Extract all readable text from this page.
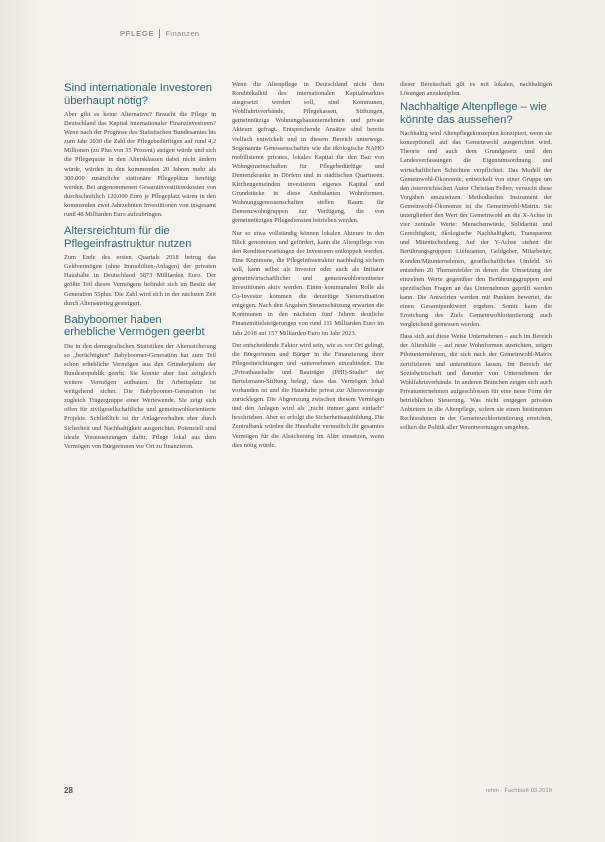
PFLEGE Finanzen
Sind internationale Investoren überhaupt nötig?

Aber gibt es keine Alternative? Braucht die Pflege in Deutschland das Kapital internationaler Finanzinvestoren? Wenn nach der Prognose des Statistischen Bundesamtes bis zum Jahr 2030 die Zahl der Pflegebedürftigen auf rund 4,2 Millionen (zu Plus von 35 Prozent) steigen würde und sich die Pflegequote in den Altersklassen dabei nicht ändern würde, würden in den kommenden 20 Jahren mehr als 300.000 zusätzliche stationäre Pflegeplätze benötigt werden. Bei angenommenen Gesamtinvestitionskosten von durchschnittlich 120.000 Euro je Pflegeplatz wären in den kommenden zwei Jahrzehnten Investitionen von insgesamt rund 48 Milliarden Euro aufzubringen.

Altersreichtum für die Pflegeinfrastruktur nutzen

Zum Ende des ersten Quartals 2018 betrug das Geldvermögen (ohne Immobilien-Anlagen) der privaten Haushalte in Deutschland 5873 Milliarden Euro. Der größte Teil dieses Vermögens befindet sich im Besitz der Generation 55plus. Die Zahl wird sich in der nächsten Zeit durch Altersanstieg gesteigert.

Babyboomer haben erhebliche Vermögen geerbt

Die in den demografischen Statistiken der Alterssicherung so „berüchtigten“ Babyboomer-Generation hat zum Teil schon erhebliche Vermögen aus den Gründerjahren der Bundesrepublik geerbt. Sie konnte aber fast zeitgleich weitere Vermögen aufbauen. Ihr Arbeitsplatz ist weitgehend sicher. Die Babyboomer-Generation ist zugleich Trägergruppe einer Wertewende. Sie zeigt sich offen für zivilgesellschaftliche und gemeinwohlorientierte Projekte. Schließlich ist ihr Anlageverhalten eher durch Sicherheit und Nachhaltigkeit ausgerichtet. Potenziell sind ideale Voraussetzungen dafür, Pflege lokal aus dem Vermögen von Bürgerinnen vor Ort zu finanzieren.

Wenn die Altenpflege in Deutschland nicht dem Renditekalkül des internationalen Kapitalmarktes ausgesetzt werden soll, sind Kommunen, Wohlfahrtsverbände, Pflegekassen, Stiftungen, gemeinnützige Wohnungsbauunternehmen und private Akteure gefragt. Entsprechende Ansätze sind bereits vielfach entwickelt und in diesem Bereich unterwegs. Sogenannte Genossenschaften wie die ökologische NAHO mobilisieren privates, lokales Kapital für den Bau von Wohngemeinschaften für Pflegebedürftige und Demenzkranke in Dörfern und in städtischen Quartieren. Kirchengemeinden investieren eigenes Kapital und Grundstücke in diese Ambulanten Wohnformen. Wohnungsgenossenschaften stellen Raum für Demenzwohngruppen zur Verfügung, die von gemeinnützigen Pflegediensten betrieben werden.

Nur so etwa vollständig können lokalen Akteure in den Blick genommen und gefördert, kann die Altenpflege von den Renditeerwartungen der Investoren entkoppelt werden. Eine Kommune, die Pflegeinfrastruktur nachhaltig sichern will, kann selbst als Investor oder auch als Initiator gemeinwirtschaftlicher und gemeinwohlorientierter Investitionen aktiv werden. Einen kommunalen Rolle als Co-Investor kommen die derzeitige Steuersituation entgegen. Nach den Angaben Steuerschätzung erwarten die Kommunen in den nächsten fünf Jahren deutliche Finanzmittelsteigerungen von rund 111 Milliarden Euro im Jahr 2018 auf 157 Milliarden Euro im Jahr 2023.

Der entscheidende Faktor wird sein, wie es vor Ort gelingt, die Bürgerinnen und Bürger in die Finanzierung ihrer Pflegeeinrichtungen und -unternehmen einzubinden. Die „Privathaushalte und Bauträger (PHI)-Studie“ der Bertelsmann-Stiftung belegt, dass das Vermögen lokal vorhanden ist und die Haushalte privat zur Altersvorsorge zurücklegen. Die Abgrenzung zwischen diesem Vermögen und den Anlagen wird als „nicht immer ganz einfach“ beschrieben. Aber so erfolgt die Sicherheitsausbildung. Die Zentralbank würden die Haushalte vermutlich ihr gesamtes Vermögen für die Absicherung im Alter einsetzen, wenn dies nötig würde.

dieser Bereitschaft gilt es mit lokalen, nachhaltigen Lösungen anzuknüpfen.

Nachhaltige Altenpflege – wie könnte das aussehen?

Nachhaltig wird Altenpflegekonzepten konzipiert, wenn sie konzeptionell auf das Gemeinwohl ausgerichtet wird. Theorie und auch dem Grundgesetz und den Landesverfassungen die Eigentumsordnung und wirtschaftlichen Schichten verpflichtet. Das Modell der Gemeinwohl-Ökonomie, entwickelt von einer Gruppe um den österreichischen Autor Christian Felber, versucht diese Vorgaben umzusetzen. Methodisches Instrument der Gemeinwohl-Ökonomie ist die Gemeinwohl-Matrix. Sie untergliedert den Wert der Gemeinwohl an die X-Achse in vier zentrale Werte: Menschenwürde, Solidarität und Gerechtigkeit, ökologische Nachhaltigkeit, Transparenz und Mitentscheidung. Auf der Y-Achse stehen die Berührungsgruppen: Lieferanten, Geldgeber, Mitarbeiter, Kunden/Mitunternehmen, gesellschaftliches Umfeld. So entstehen 20 Themenfelder in denen die Umsetzung der einzelnen Werte gegenüber den Berührungsgruppen und spezifischen Fragen an das Unternehmen geprüft werden kann. Die Antworten werden mit Punkten bewertet, die einen Gesamtpunktwert ergeben. Somit kann die Erreichung des Ziels Gemeinwohlorientierung auch vergleichend gemessen werden.

Dass sich auf diese Weise Unternehmen – auch im Bereich der Altenhilfe – auf neue Wohnformen ausrichten, zeigen Pilotunternehmen, die sich nach der Gemeinwohl-Matrix zertifizieren und unterstützen lassen. Im Bereich der Sozialwirtschaft und darunter von Unternehmen der Wohlfahrtsverbände. In anderen Branchen zeigen sich auch Privatunternehmen aufgeschlossen für eine neue Form der betrieblichen Steuerung. Was nicht entgegen privaten Anbietern in die Altenpflege, sofern sie einen bestimmten Rechtsrahmen in der Gemeinwohlorientierung erreichen, sollten die Politik aller Verantwortungen umgehen.

28	rehm · Fachblatt 03.2019
